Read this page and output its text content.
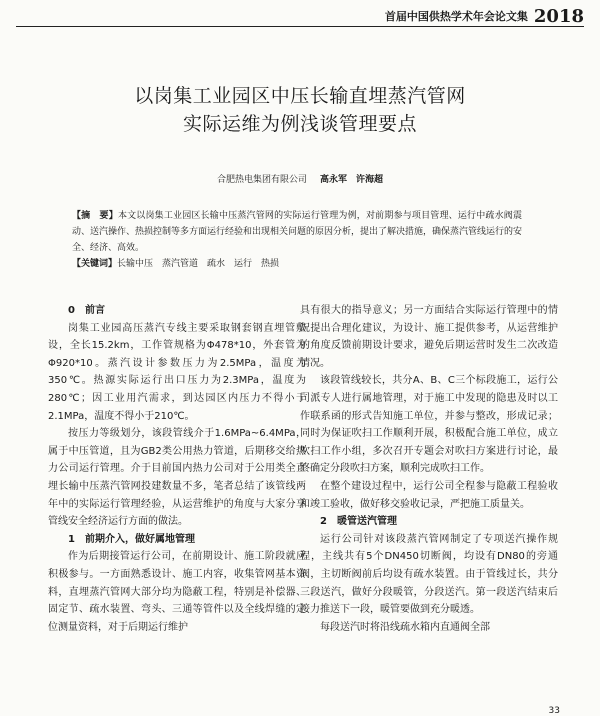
首届中国供热学术年会论文集 2018
以岗集工业园区中压长输直埋蒸汽管网
实际运维为例浅谈管理要点
合肥热电集团有限公司 高永军　许海超

【摘　要】本文以岗集工业园区长输中压蒸汽管网的实际运行管理为例，对前期参与项目管理、运行中疏水阀震动、送汽操作、热损控制等多方面运行经验和出现相关问题的原因分析，提出了解决措施，确保蒸汽管线运行的安全、经济、高效。

【关键词】长输中压　蒸汽管道　疏水　运行　热损

0　前言

岗集工业园高压蒸汽专线主要采取钢套钢直埋管敷设，全长15.2km，工作管规格为Φ478*10，外套管为Φ920*10。蒸汽设计参数压力为2.5MPa，温度为350℃。热源实际运行出口压力为2.3MPa，温度为280℃；因工业用汽需求，到达园区内压力不得小于2.1MPa，温度不得小于210℃。

按压力等级划分，该段管线介于1.6MPa~6.4MPa，属于中压管道，且为GB2类公用热力管道，后期移交给热力公司运行管理。介于目前国内热力公司对于公用类全直埋长输中压蒸汽管网投建数量不多，笔者总结了该管线两年中的实际运行管理经验，从运营维护的角度与大家分享管线安全经济运行方面的做法。

1　前期介入，做好属地管理

作为后期接管运行公司，在前期设计、施工阶段就应积极参与。一方面熟悉设计、施工内容，收集管网基本资料，直埋蒸汽管网大部分均为隐蔽工程，特别是补偿器、固定节、疏水装置、弯头、三通等管件以及全线焊缝的定位测量资料，对于后期运行维护

具有很大的指导意义；另一方面结合实际运行管理中的情况提出合理化建议，为设计、施工提供参考，从运营维护的角度反馈前期设计要求，避免后期运营时发生二次改造情况。

该段管线较长，共分A、B、C三个标段施工，运行公司派专人进行属地管理，对于施工中发现的隐患及时以工作联系函的形式告知施工单位，并参与整改，形成记录；同时为保证吹扫工作顺利开展，积极配合施工单位，成立吹扫工作小组，多次召开专题会对吹扫方案进行讨论，最终确定分段吹扫方案，顺利完成吹扫工作。

在整个建设过程中，运行公司全程参与隐蔽工程验收和竣工验收，做好移交验收记录，严把施工质量关。

2　暖管送汽管理

运行公司针对该段蒸汽管网制定了专项送汽操作规程，主线共有5个DN450切断阀，均设有DN80的旁通阀，主切断阀前后均设有疏水装置。由于管线过长，共分三段送汽，做好分段暖管，分段送汽。第一段送汽结束后接力推送下一段，暖管要做到充分暖透。

每段送汽时将沿线疏水箱内直通阀全部

33
